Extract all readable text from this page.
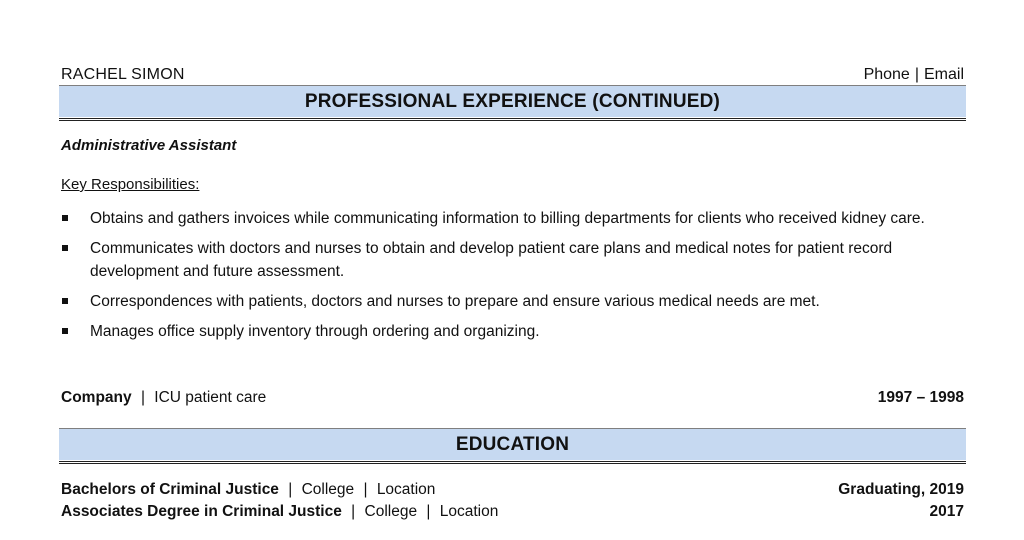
RACHEL SIMON	Phone | Email
PROFESSIONAL EXPERIENCE (CONTINUED)
Administrative Assistant
Key Responsibilities:
Obtains and gathers invoices while communicating information to billing departments for clients who received kidney care.
Communicates with doctors and nurses to obtain and develop patient care plans and medical notes for patient record development and future assessment.
Correspondences with patients, doctors and nurses to prepare and ensure various medical needs are met.
Manages office supply inventory through ordering and organizing.
Company | ICU patient care	1997 – 1998
EDUCATION
Bachelors of Criminal Justice | College | Location	Graduating, 2019
Associates Degree in Criminal Justice | College | Location	2017
